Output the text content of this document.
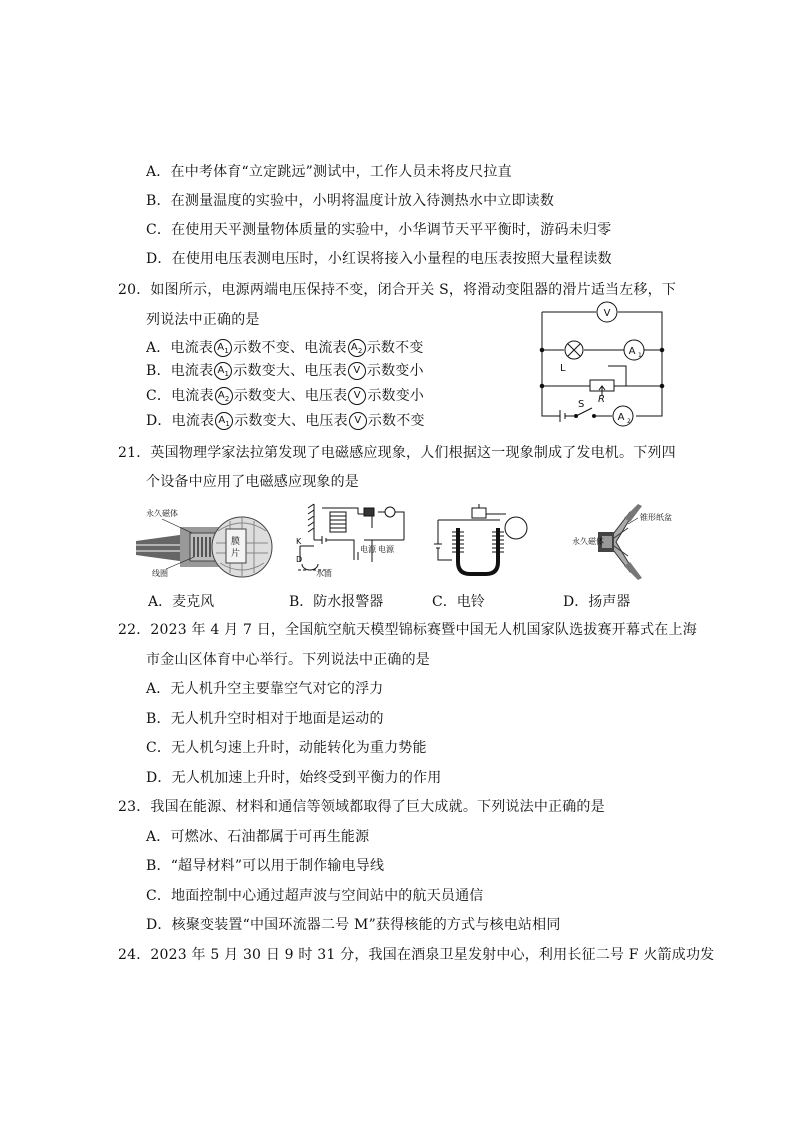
A．在中考体育“立定跳远”测试中，工作人员未将皮尺拉直
B．在测量温度的实验中，小明将温度计放入待测热水中立即读数
C．在使用天平测量物体质量的实验中，小华调节天平平衡时，游码未归零
D．在使用电压表测电压时，小红误将接入小量程的电压表按照大量程读数
20．如图所示，电源两端电压保持不变，闭合开关 S，将滑动变阻器的滑片适当左移，下
列说法中正确的是
A．电流表 $A_1$ 示数不变、电流表 $A_2$ 示数不变
B．电流表 $A_1$ 示数变大、电压表 V 示数变小
C．电流表 $A_2$ 示数变大、电压表 V 示数变小
D．电流表 $A_1$ 示数变大、电压表 V 示数不变
V
A 1
L
R
S
A 2
21．英国物理学家法拉第发现了电磁感应现象，人们根据这一现象制成了发电机。下列四
个设备中应用了电磁感应现象的是
永久磁体
线圈
膜
片	电源 电源
K
D
水面
锥形纸盆
永久磁体
A．麦克风	B．防水报警器	C．电铃	D．扬声器
22．2023 年 4 月 7 日，全国航空航天模型锦标赛暨中国无人机国家队选拔赛开幕式在上海
市金山区体育中心举行。下列说法中正确的是
A．无人机升空主要靠空气对它的浮力
B．无人机升空时相对于地面是运动的
C．无人机匀速上升时，动能转化为重力势能
D．无人机加速上升时，始终受到平衡力的作用
23．我国在能源、材料和通信等领域都取得了巨大成就。下列说法中正确的是
A．可燃冰、石油都属于可再生能源
B．“超导材料”可以用于制作输电导线
C．地面控制中心通过超声波与空间站中的航天员通信
D．核聚变装置“中国环流器二号 M”获得核能的方式与核电站相同
24．2023 年 5 月 30 日 9 时 31 分，我国在酒泉卫星发射中心，利用长征二号 F 火箭成功发
